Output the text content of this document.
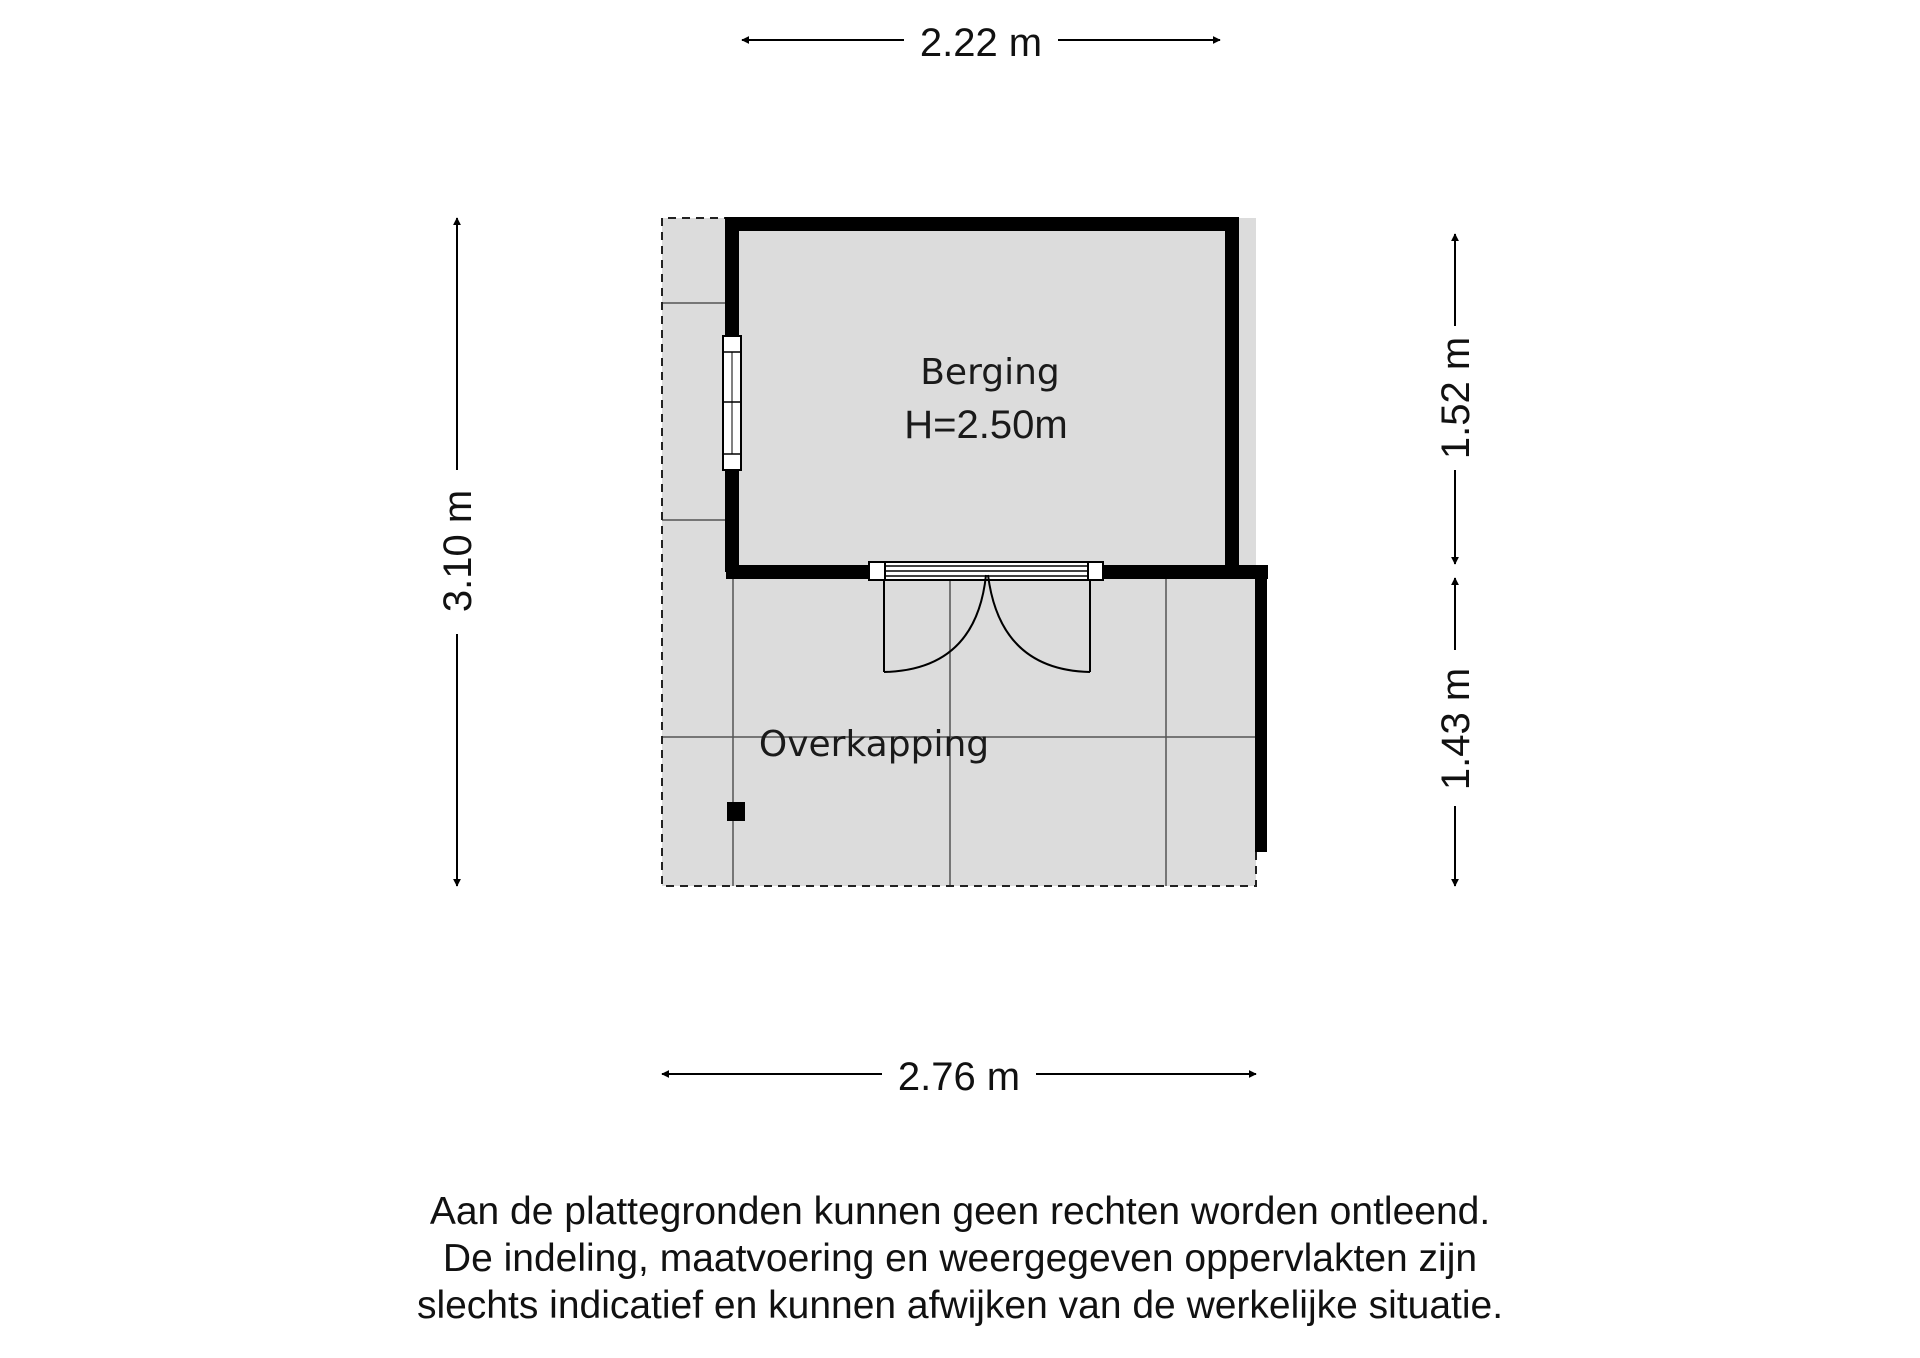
Berging
H=2.50m
Overkapping
2.22 m
2.76 m
3.10 m
1.52 m
1.43 m
Aan de plattegronden kunnen geen rechten worden ontleend.
De indeling, maatvoering en weergegeven oppervlakten zijn
slechts indicatief en kunnen afwijken van de werkelijke situatie.
